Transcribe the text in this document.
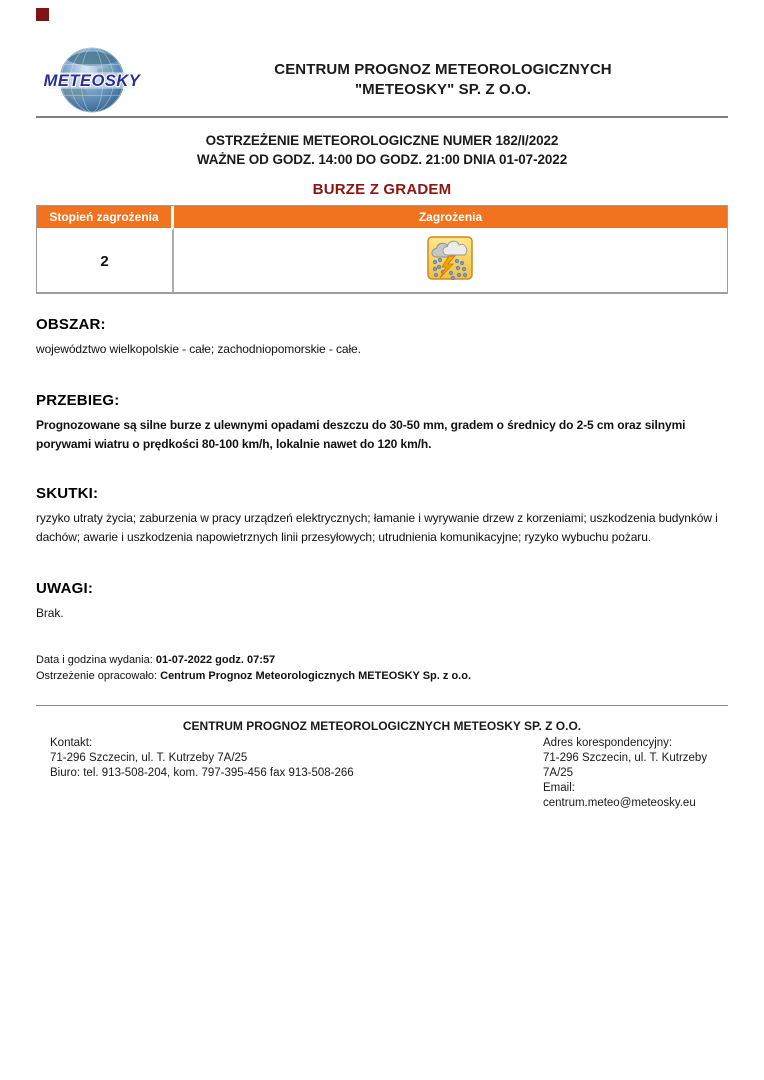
METEOSKY
CENTRUM PROGNOZ METEOROLOGICZNYCH
"METEOSKY" SP. Z O.O.
OSTRZEŻENIE METEOROLOGICZNE NUMER 182/I/2022
WAŻNE OD GODZ. 14:00 DO GODZ. 21:00 DNIA 01-07-2022
BURZE Z GRADEM
Stopień zagrożenia	Zagrożenia
2	
OBSZAR:
województwo wielkopolskie - całe; zachodniopomorskie - całe.
PRZEBIEG:
Prognozowane są silne burze z ulewnymi opadami deszczu do 30-50 mm, gradem o średnicy do 2-5 cm oraz silnymi porywami wiatru o prędkości 80-100 km/h, lokalnie nawet do 120 km/h.
SKUTKI:
ryzyko utraty życia; zaburzenia w pracy urządzeń elektrycznych; łamanie i wyrywanie drzew z korzeniami; uszkodzenia budynków i dachów; awarie i uszkodzenia napowietrznych linii przesyłowych; utrudnienia komunikacyjne; ryzyko wybuchu pożaru.
UWAGI:
Brak.
Data i godzina wydania: 01-07-2022 godz. 07:57
Ostrzeżenie opracowało: Centrum Prognoz Meteorologicznych METEOSKY Sp. z o.o.
CENTRUM PROGNOZ METEOROLOGICZNYCH METEOSKY SP. Z O.O.
Kontakt:
71-296 Szczecin, ul. T. Kutrzeby 7A/25
Biuro: tel. 913-508-204, kom. 797-395-456 fax 913-508-266
Adres korespondencyjny:
71-296 Szczecin, ul. T. Kutrzeby
7A/25
Email:
centrum.meteo@meteosky.eu
